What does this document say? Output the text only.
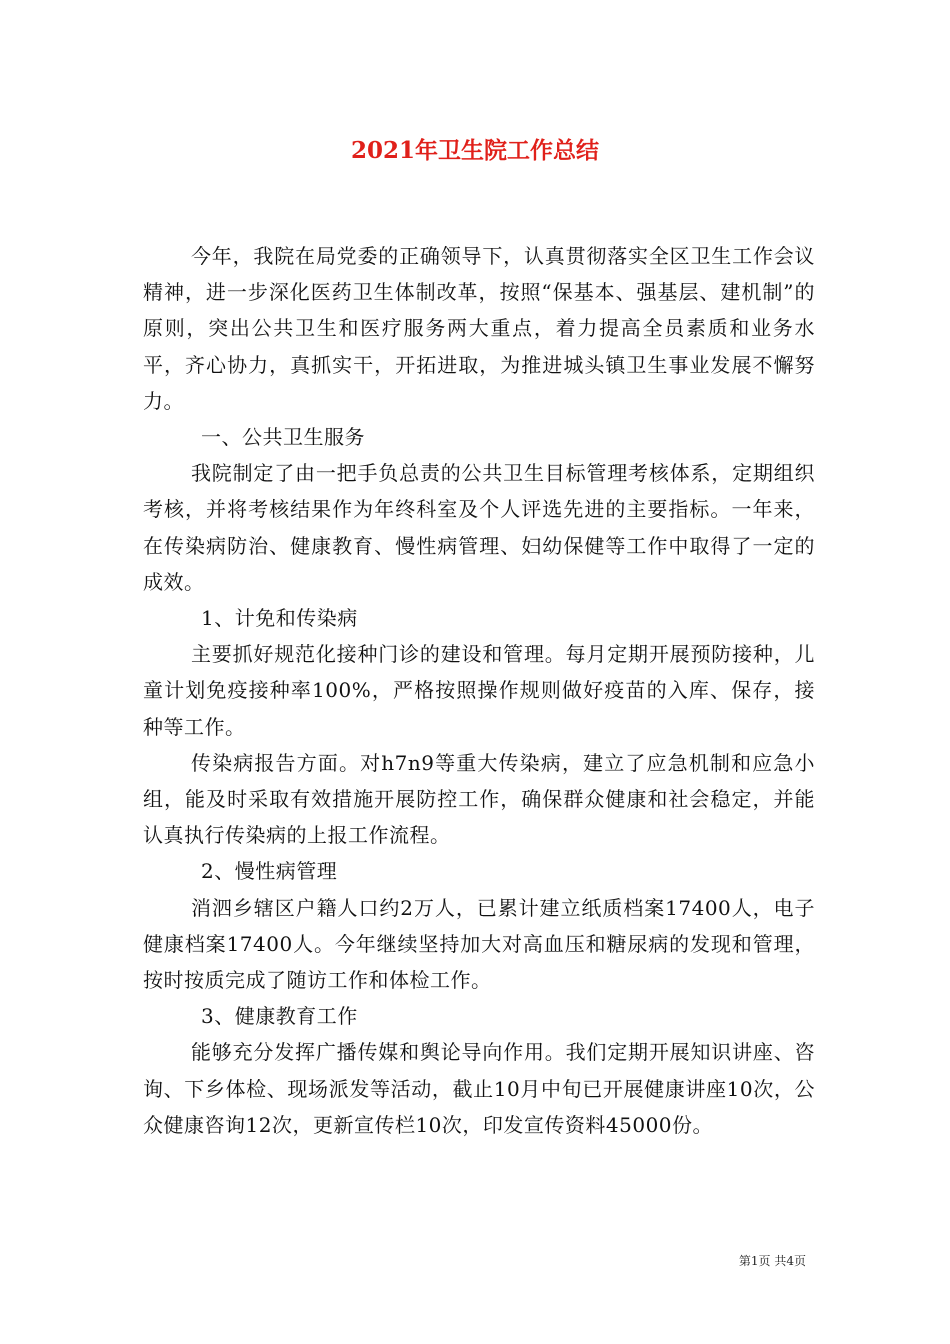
2021年卫生院工作总结

今年，我院在局党委的正确领导下，认真贯彻落实全区卫生工作会议精神，进一步深化医药卫生体制改革，按照“保基本、强基层、建机制”的原则，突出公共卫生和医疗服务两大重点，着力提高全员素质和业务水平，齐心协力，真抓实干，开拓进取，为推进城头镇卫生事业发展不懈努力。

一、公共卫生服务

我院制定了由一把手负总责的公共卫生目标管理考核体系，定期组织考核，并将考核结果作为年终科室及个人评选先进的主要指标。一年来，在传染病防治、健康教育、慢性病管理、妇幼保健等工作中取得了一定的成效。

1、计免和传染病

主要抓好规范化接种门诊的建设和管理。每月定期开展预防接种，儿童计划免疫接种率100%，严格按照操作规则做好疫苗的入库、保存，接种等工作。

传染病报告方面。对h7n9等重大传染病，建立了应急机制和应急小组，能及时采取有效措施开展防控工作，确保群众健康和社会稳定，并能认真执行传染病的上报工作流程。

2、慢性病管理

消泗乡辖区户籍人口约2万人，已累计建立纸质档案17400人，电子健康档案17400人。今年继续坚持加大对高血压和糖尿病的发现和管理，按时按质完成了随访工作和体检工作。

3、健康教育工作

能够充分发挥广播传媒和舆论导向作用。我们定期开展知识讲座、咨询、下乡体检、现场派发等活动，截止10月中旬已开展健康讲座10次，公众健康咨询12次，更新宣传栏10次，印发宣传资料45000份。

第1页 共4页
